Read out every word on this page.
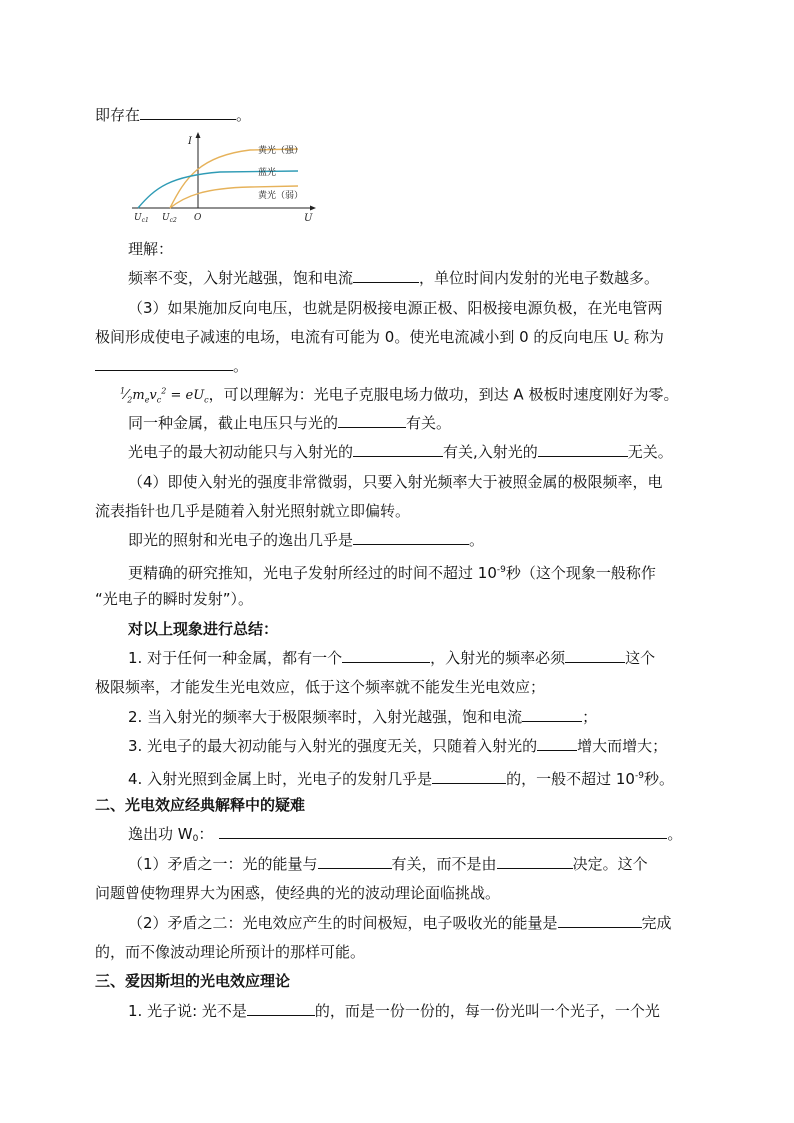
即存在	。
I
U
O
$U_{c1}$ $U_{c2}$
黄光（强）
蓝光
黄光（弱）
理解：
频率不变，入射光越强，饱和电流	，单位时间内发射的光电子数越多。
（3）如果施加反向电压，也就是阴极接电源正极、阳极接电源负极，在光电管两
极间形成使电子减速的电场，电流有可能为 0。使光电流减小到 0 的反向电压 $U_c$ 称为
。
$^1⁄_2m_ev_c^2 = eU_c$，可以理解为：光电子克服电场力做功，到达 A 极板时速度刚好为零。
同一种金属，截止电压只与光的	有关。
光电子的最大初动能只与入射光的	有关,入射光的	无关。
（4）即使入射光的强度非常微弱，只要入射光频率大于被照金属的极限频率，电
流表指针也几乎是随着入射光照射就立即偏转。
即光的照射和光电子的逸出几乎是	。
更精确的研究推知，光电子发射所经过的时间不超过 $10^{-9}$秒（这个现象一般称作
“光电子的瞬时发射”）。
对以上现象进行总结：
1. 对于任何一种金属，都有一个	，入射光的频率必须	这个
极限频率，才能发生光电效应，低于这个频率就不能发生光电效应；
2. 当入射光的频率大于极限频率时，入射光越强，饱和电流	；
3. 光电子的最大初动能与入射光的强度无关，只随着入射光的	增大而增大；
4. 入射光照到金属上时，光电子的发射几乎是	的，一般不超过 $10^{-9}$秒。
二、光电效应经典解释中的疑难
逸出功 $W_0$：	。
（1）矛盾之一：光的能量与	有关，而不是由	决定。这个
问题曾使物理界大为困惑，使经典的光的波动理论面临挑战。
（2）矛盾之二：光电效应产生的时间极短，电子吸收光的能量是	完成
的，而不像波动理论所预计的那样可能。
三、爱因斯坦的光电效应理论
1. 光子说: 光不是	的，而是一份一份的，每一份光叫一个光子，一个光
